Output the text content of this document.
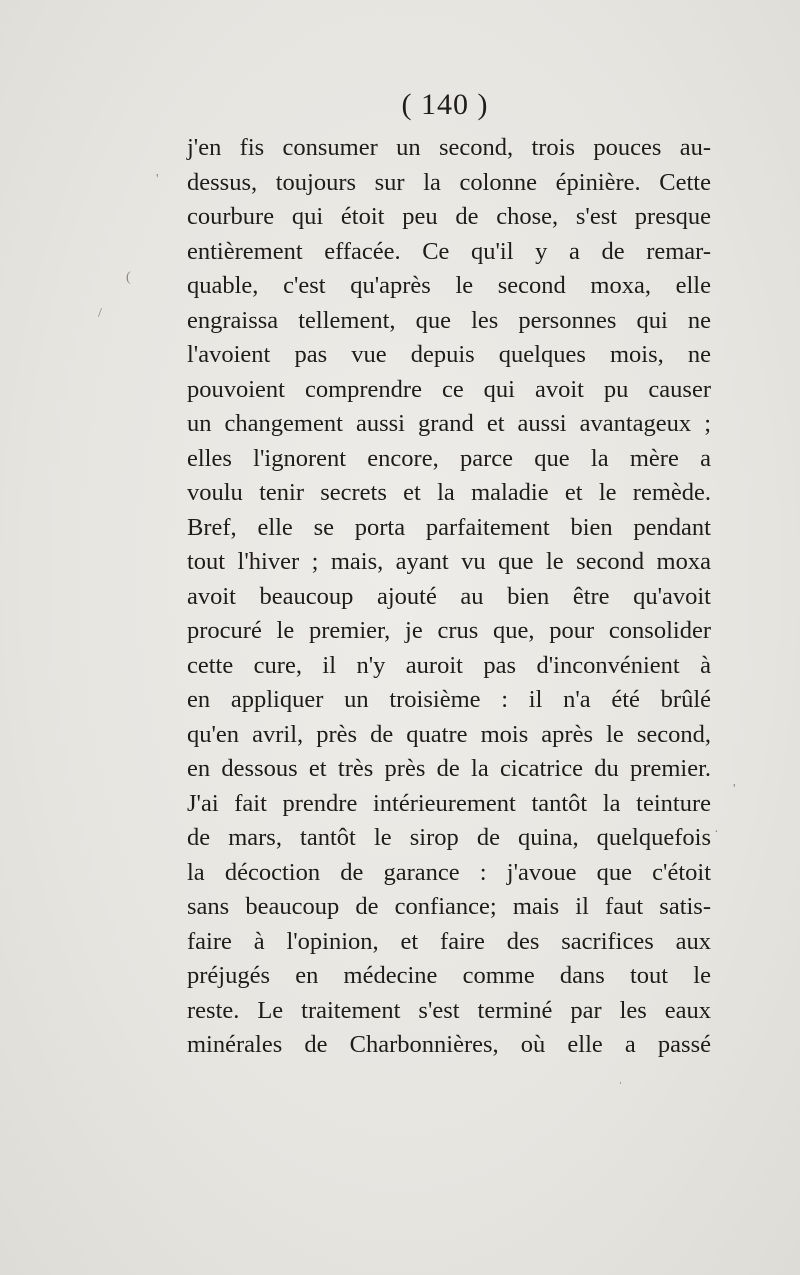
( 140 )
j'en fis consumer un second, trois pouces au-
dessus, toujours sur la colonne épinière. Cette
courbure qui étoit peu de chose, s'est presque
entièrement effacée. Ce qu'il y a de remar-
quable, c'est qu'après le second moxa, elle
engraissa tellement, que les personnes qui ne
l'avoient pas vue depuis quelques mois, ne
pouvoient comprendre ce qui avoit pu causer
un changement aussi grand et aussi avantageux ;
elles l'ignorent encore, parce que la mère a
voulu tenir secrets et la maladie et le remède.
Bref, elle se porta parfaitement bien pendant
tout l'hiver ; mais, ayant vu que le second moxa
avoit beaucoup ajouté au bien être qu'avoit
procuré le premier, je crus que, pour consolider
cette cure, il n'y auroit pas d'inconvénient à
en appliquer un troisième : il n'a été brûlé
qu'en avril, près de quatre mois après le second,
en dessous et très près de la cicatrice du premier.
J'ai fait prendre intérieurement tantôt la teinture
de mars, tantôt le sirop de quina, quelquefois
la décoction de garance : j'avoue que c'étoit
sans beaucoup de confiance; mais il faut satis-
faire à l'opinion, et faire des sacrifices aux
préjugés en médecine comme dans tout le
reste. Le traitement s'est terminé par les eaux
minérales de Charbonnières, où elle a passé
'
(
/
'
·
ˌ
